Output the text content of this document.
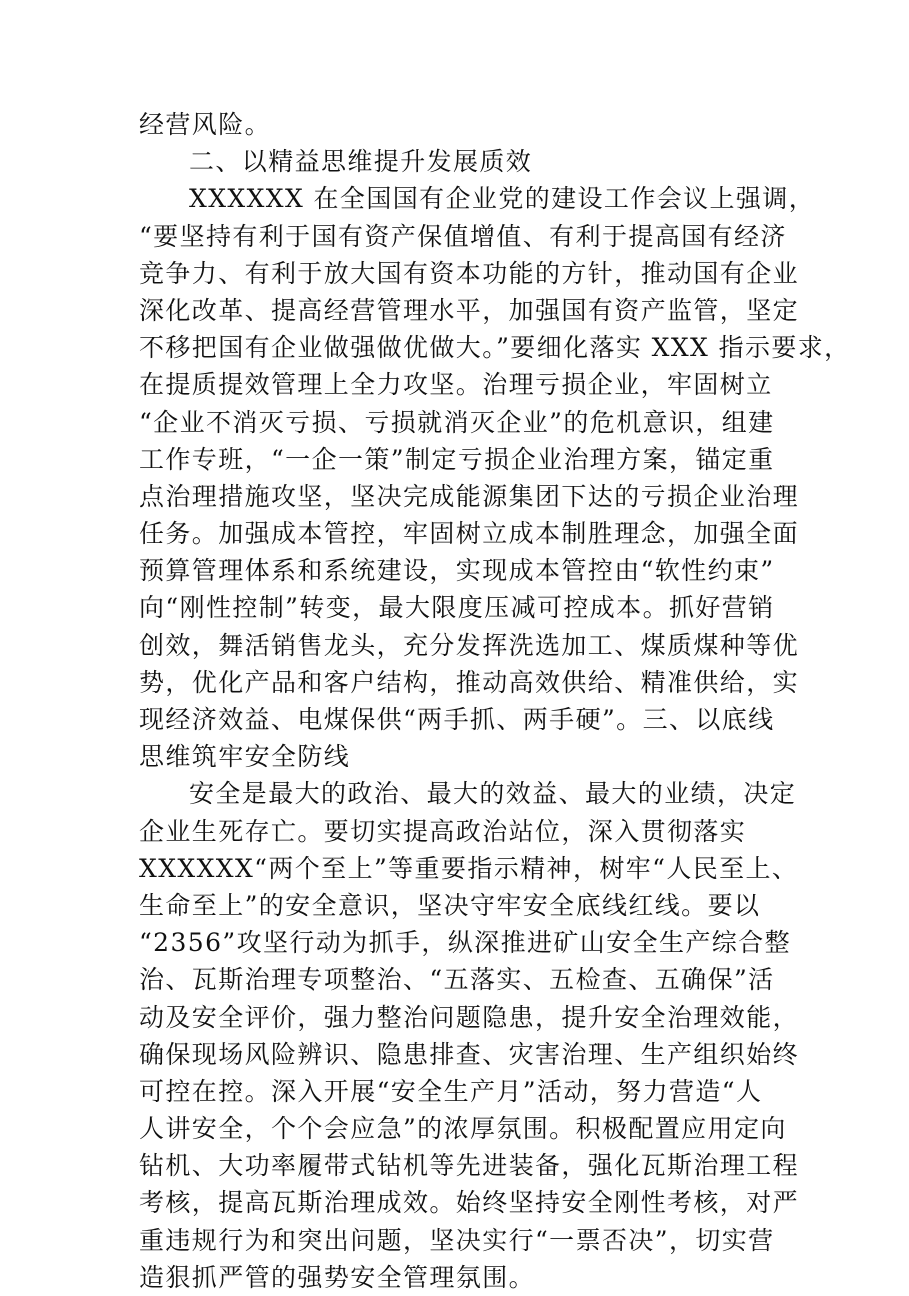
经营风险。
二、以精益思维提升发展质效
XXXXXX 在全国国有企业党的建设工作会议上强调，
“要坚持有利于国有资产保值增值、有利于提高国有经济
竞争力、有利于放大国有资本功能的方针，推动国有企业
深化改革、提高经营管理水平，加强国有资产监管，坚定
不移把国有企业做强做优做大。”要细化落实 XXX 指示要求，
在提质提效管理上全力攻坚。治理亏损企业，牢固树立
“企业不消灭亏损、亏损就消灭企业”的危机意识，组建
工作专班，“一企一策”制定亏损企业治理方案，锚定重
点治理措施攻坚，坚决完成能源集团下达的亏损企业治理
任务。加强成本管控，牢固树立成本制胜理念，加强全面
预算管理体系和系统建设，实现成本管控由“软性约束”
向“刚性控制”转变，最大限度压减可控成本。抓好营销
创效，舞活销售龙头，充分发挥洗选加工、煤质煤种等优
势，优化产品和客户结构，推动高效供给、精准供给，实
现经济效益、电煤保供“两手抓、两手硬”。三、以底线
思维筑牢安全防线
安全是最大的政治、最大的效益、最大的业绩，决定
企业生死存亡。要切实提高政治站位，深入贯彻落实
XXXXXX“两个至上”等重要指示精神，树牢“人民至上、
生命至上”的安全意识，坚决守牢安全底线红线。要以
“2356”攻坚行动为抓手，纵深推进矿山安全生产综合整
治、瓦斯治理专项整治、“五落实、五检查、五确保”活
动及安全评价，强力整治问题隐患，提升安全治理效能，
确保现场风险辨识、隐患排查、灾害治理、生产组织始终
可控在控。深入开展“安全生产月”活动，努力营造“人
人讲安全，个个会应急”的浓厚氛围。积极配置应用定向
钻机、大功率履带式钻机等先进装备，强化瓦斯治理工程
考核，提高瓦斯治理成效。始终坚持安全刚性考核，对严
重违规行为和突出问题，坚决实行“一票否决”，切实营
造狠抓严管的强势安全管理氛围。
